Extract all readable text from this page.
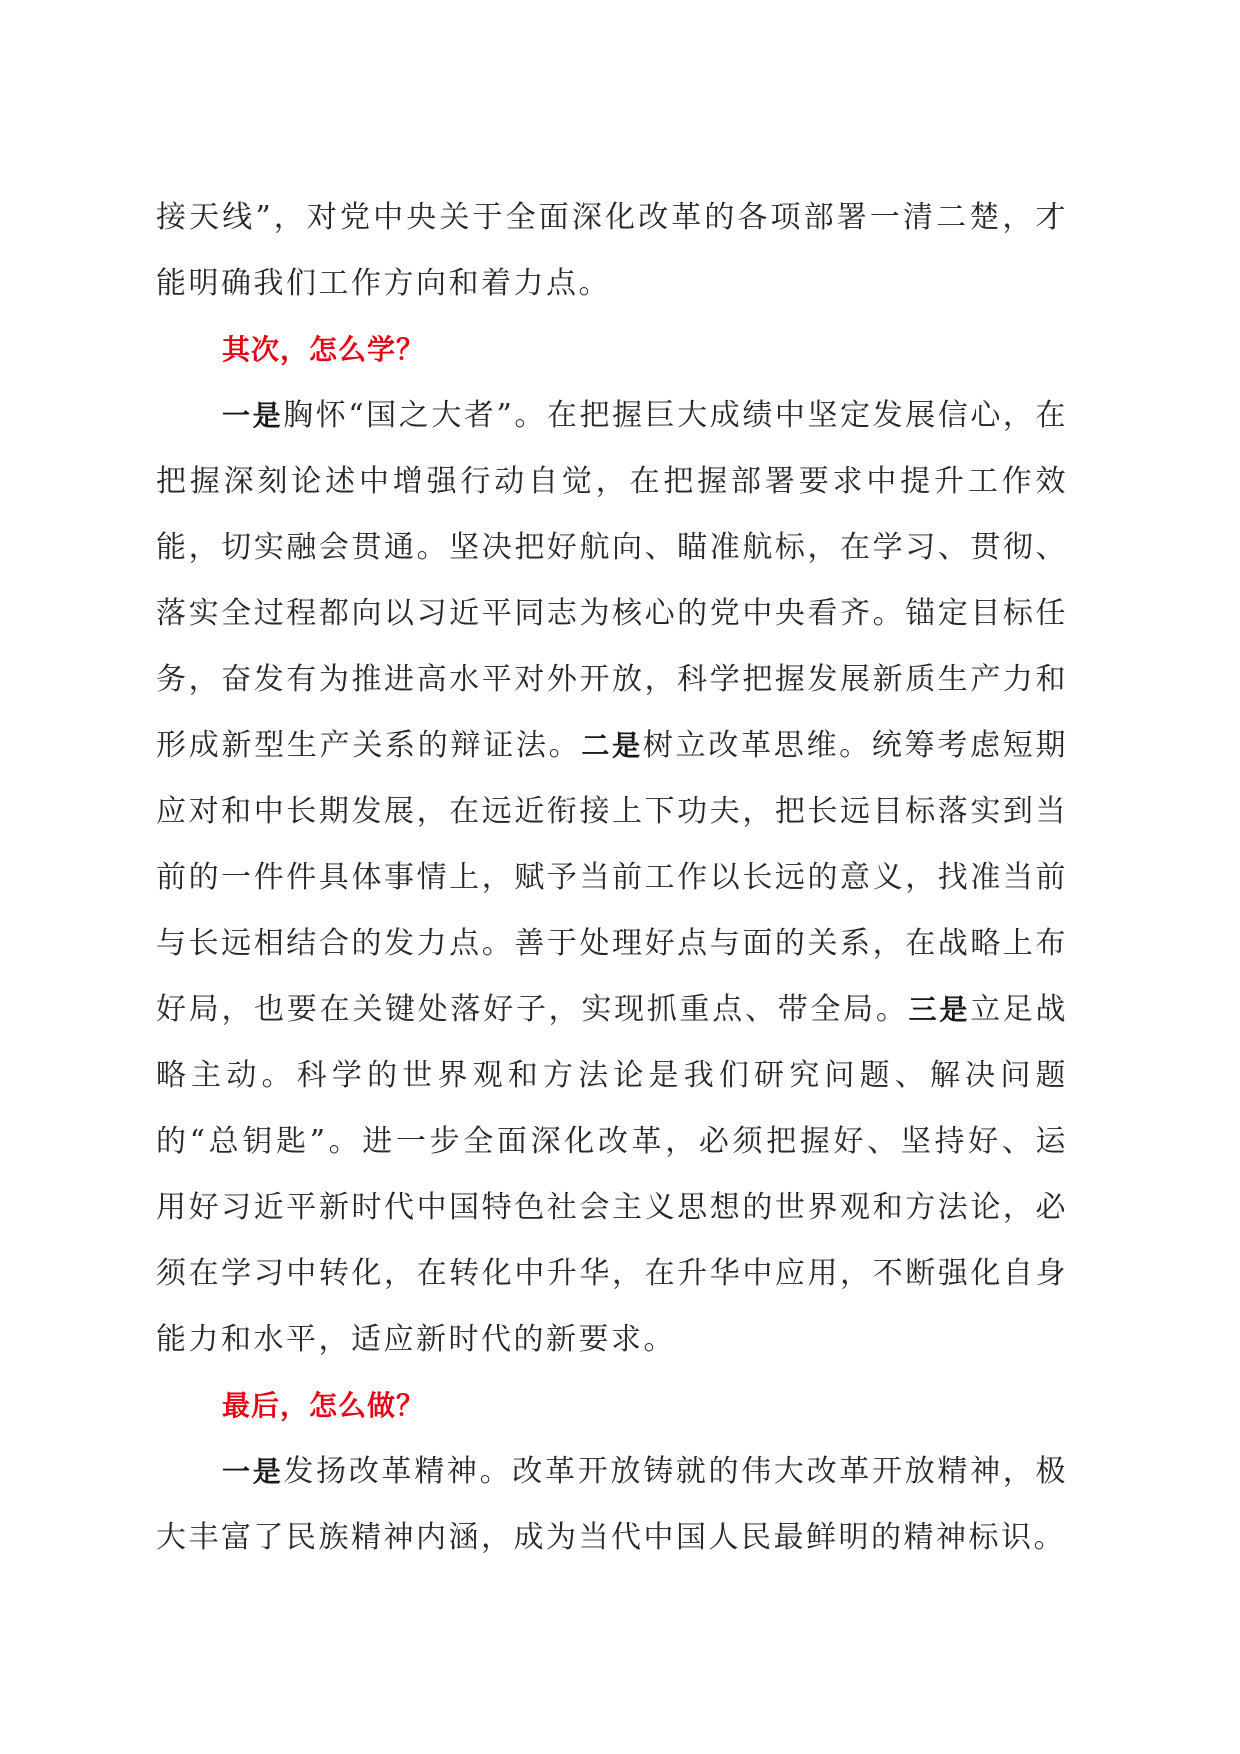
接天线”，对党中央关于全面深化改革的各项部署一清二楚，才能明确我们工作方向和着力点。

其次，怎么学？

一是胸怀“国之大者”。在把握巨大成绩中坚定发展信心，在把握深刻论述中增强行动自觉，在把握部署要求中提升工作效能，切实融会贯通。坚决把好航向、瞄准航标，在学习、贯彻、落实全过程都向以习近平同志为核心的党中央看齐。锚定目标任务，奋发有为推进高水平对外开放，科学把握发展新质生产力和形成新型生产关系的辩证法。二是树立改革思维。统筹考虑短期应对和中长期发展，在远近衔接上下功夫，把长远目标落实到当前的一件件具体事情上，赋予当前工作以长远的意义，找准当前与长远相结合的发力点。善于处理好点与面的关系，在战略上布好局，也要在关键处落好子，实现抓重点、带全局。三是立足战略主动。科学的世界观和方法论是我们研究问题、解决问题的“总钥匙”。进一步全面深化改革，必须把握好、坚持好、运用好习近平新时代中国特色社会主义思想的世界观和方法论，必须在学习中转化，在转化中升华，在升华中应用，不断强化自身能力和水平，适应新时代的新要求。

最后，怎么做？

一是发扬改革精神。改革开放铸就的伟大改革开放精神，极大丰富了民族精神内涵，成为当代中国人民最鲜明的精神标识。
